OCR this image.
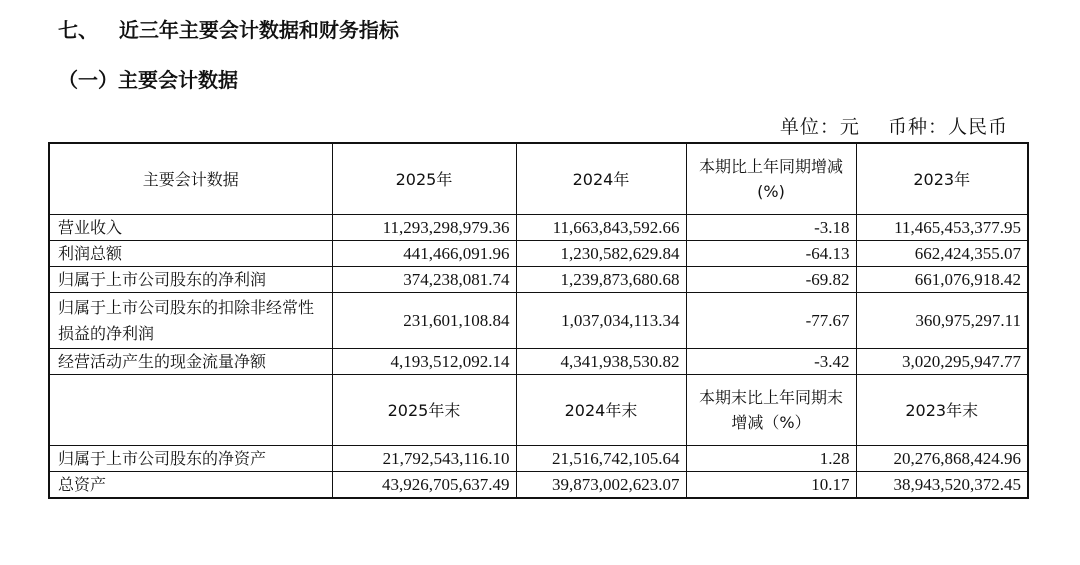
七、   近三年主要会计数据和财务指标
（一）主要会计数据
单位：元    币种：人民币
主要会计数据	2025年	2024年	本期比上年同期增减(%)	2023年
营业收入	11,293,298,979.36	11,663,843,592.66	-3.18	11,465,453,377.95
利润总额	441,466,091.96	1,230,582,629.84	-64.13	662,424,355.07
归属于上市公司股东的净利润	374,238,081.74	1,239,873,680.68	-69.82	661,076,918.42
归属于上市公司股东的扣除非经常性损益的净利润	231,601,108.84	1,037,034,113.34	-77.67	360,975,297.11
经营活动产生的现金流量净额	4,193,512,092.14	4,341,938,530.82	-3.42	3,020,295,947.77
	2025年末	2024年末	本期末比上年同期末增减（%）	2023年末
归属于上市公司股东的净资产	21,792,543,116.10	21,516,742,105.64	1.28	20,276,868,424.96
总资产	43,926,705,637.49	39,873,002,623.07	10.17	38,943,520,372.45
